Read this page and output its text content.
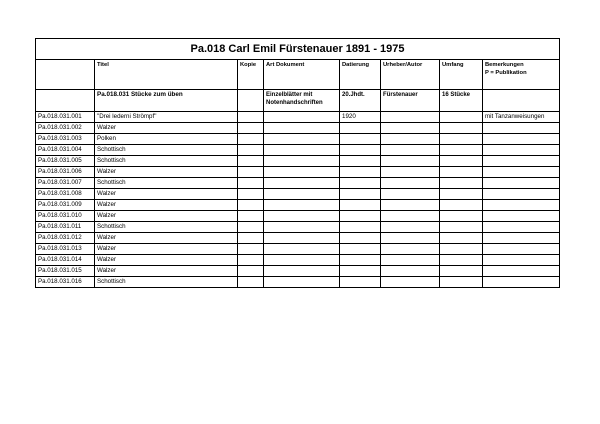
Pa.018 Carl Emil Fürstenauer 1891 - 1975							
	Titel	Kopie	Art Dokument	Datierung	Urheber/Autor	Umfang	Bemerkungen
P = Publikation

	Pa.018.031 Stücke zum üben		Einzelblätter mit Notenhandschriften	20.Jhdt.	Fürstenauer	16 Stücke	
Pa.018.031.001	"Drei lederni Strömpf"			1920			mit Tanzanweisungen
Pa.018.031.002	Walzer						
Pa.018.031.003	Polken						
Pa.018.031.004	Schottisch						
Pa.018.031.005	Schottisch						
Pa.018.031.006	Walzer						
Pa.018.031.007	Schottisch						
Pa.018.031.008	Walzer						
Pa.018.031.009	Walzer						
Pa.018.031.010	Walzer						
Pa.018.031.011	Schottisch						
Pa.018.031.012	Walzer						
Pa.018.031.013	Walzer						
Pa.018.031.014	Walzer						
Pa.018.031.015	Walzer						
Pa.018.031.016	Schottisch						
